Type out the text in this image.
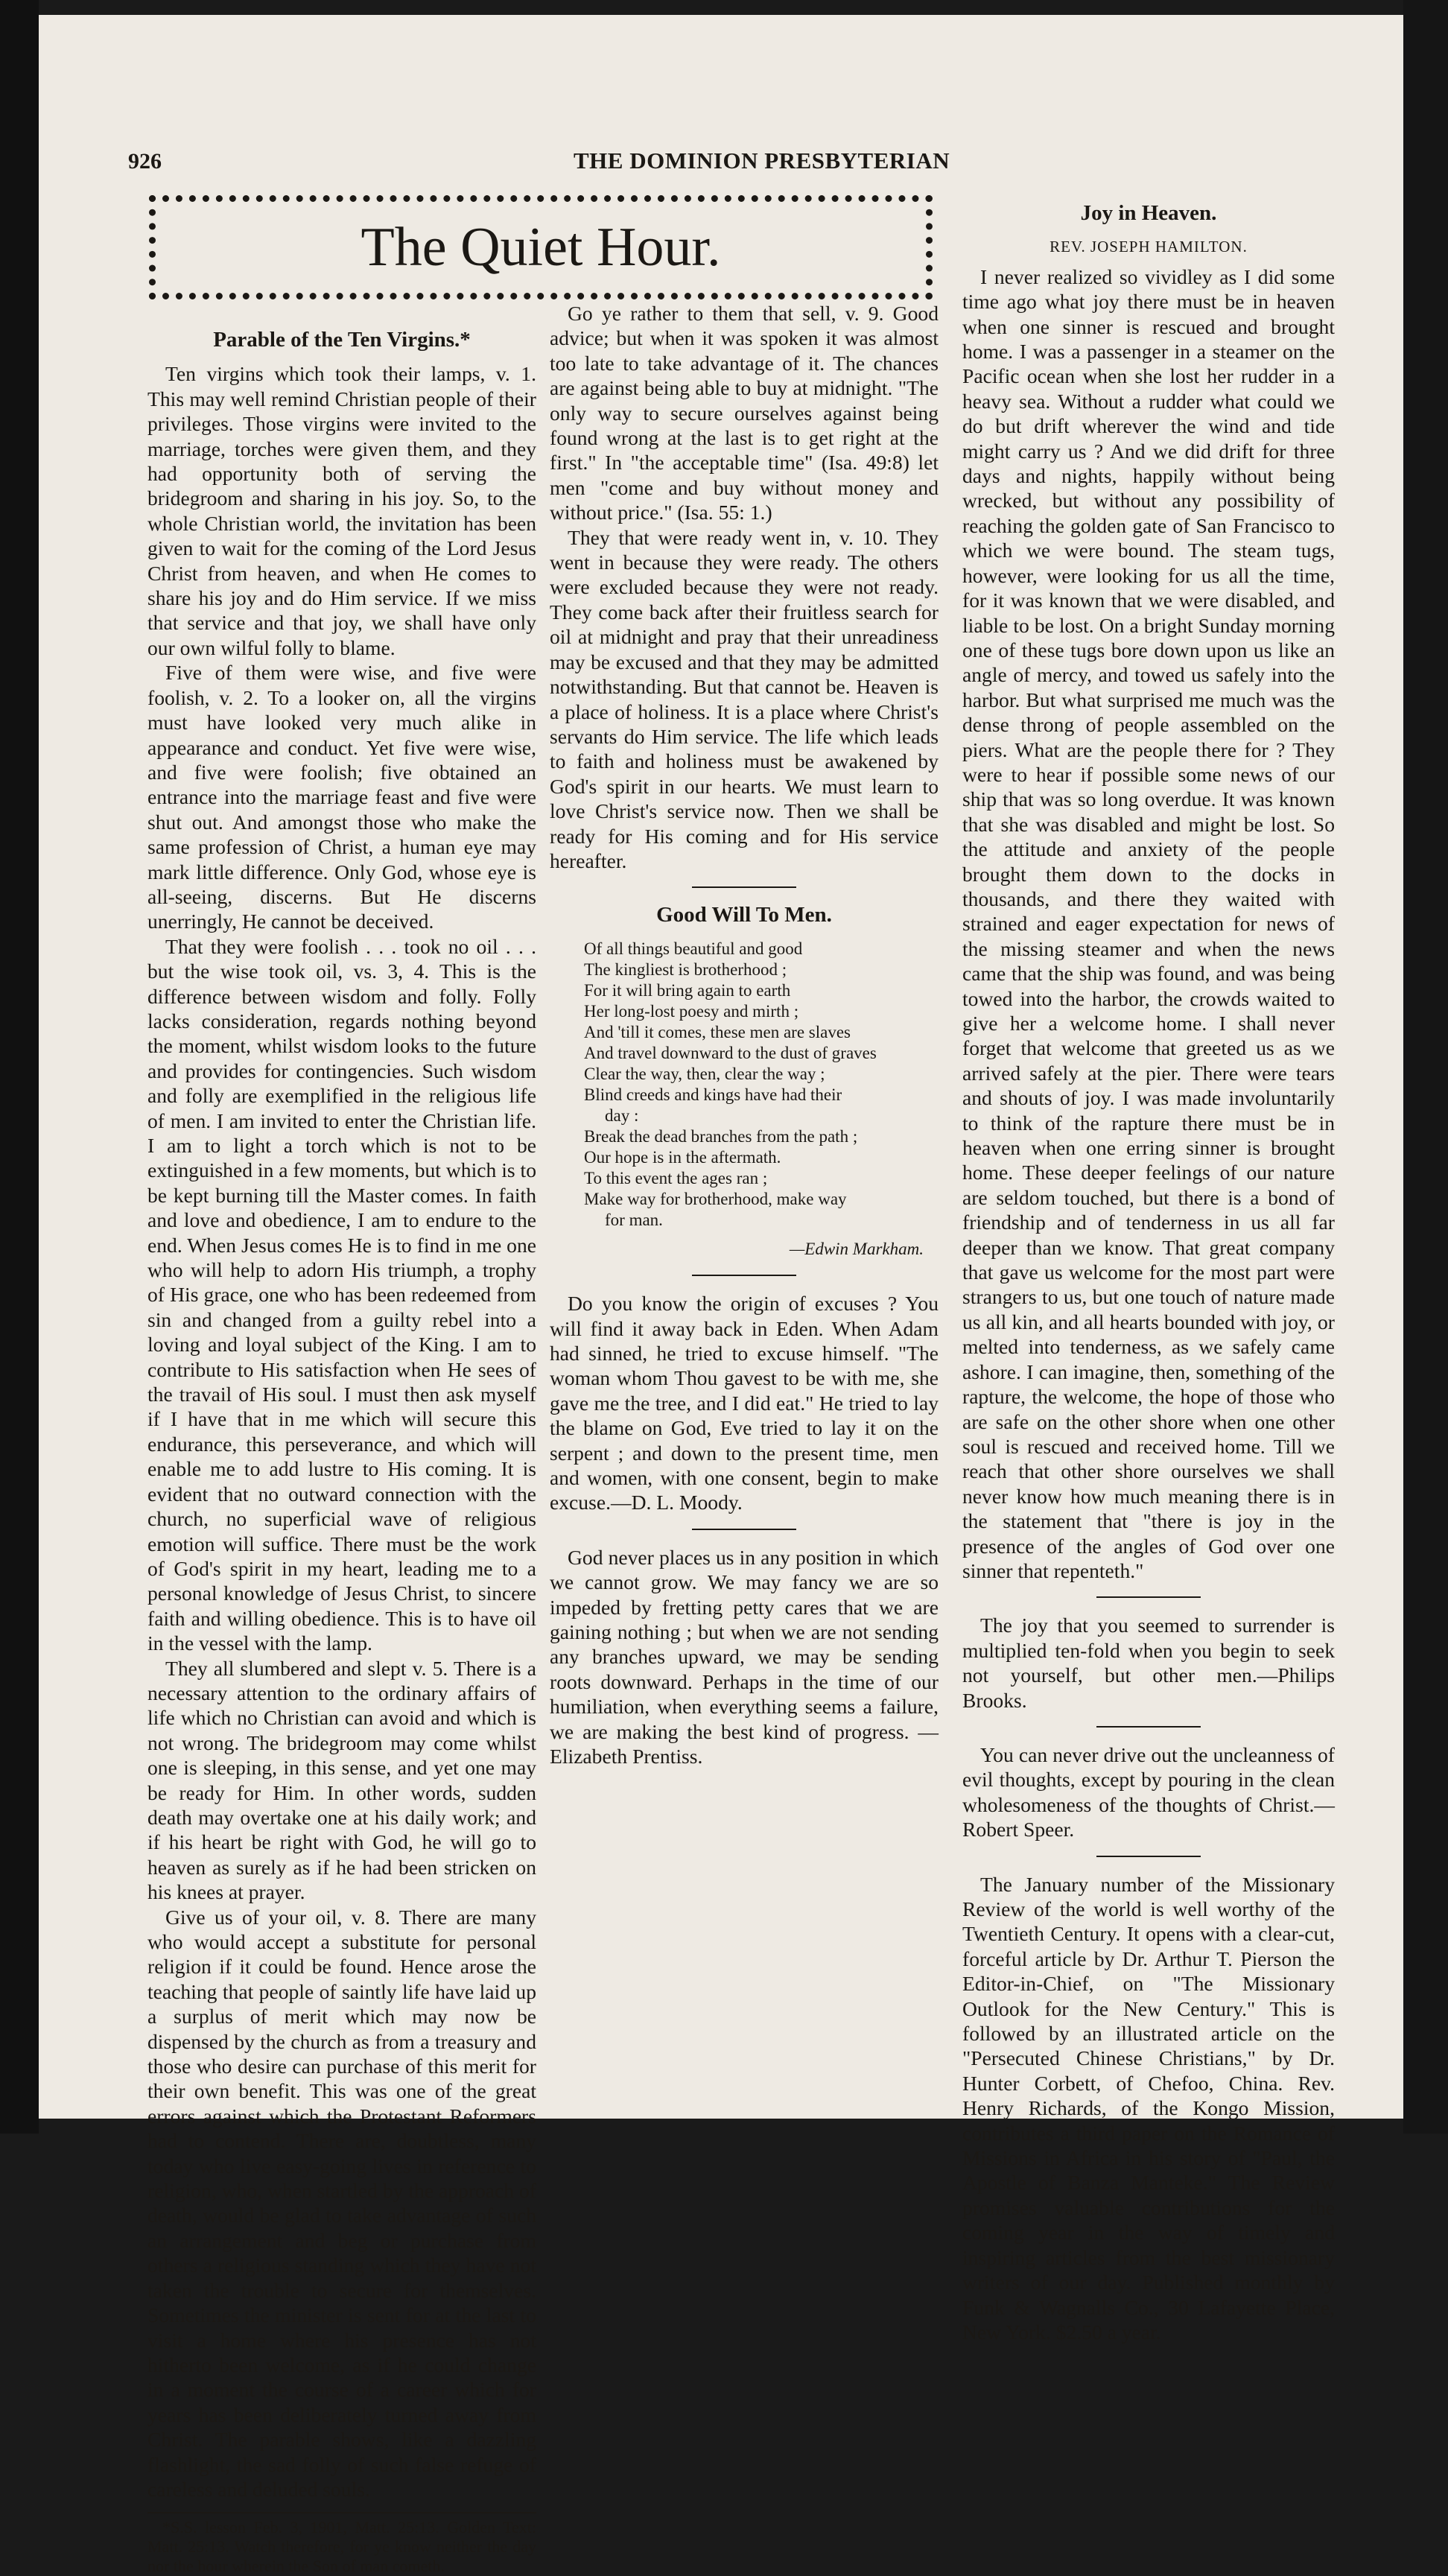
926	THE DOMINION PRESBYTERIAN
The Quiet Hour.
Parable of the Ten Virgins.*

Ten virgins which took their lamps, v. 1. This may well remind Christian people of their privileges. Those virgins were invited to the marriage, torches were given them, and they had opportunity both of serving the bridegroom and sharing in his joy. So, to the whole Christian world, the invitation has been given to wait for the coming of the Lord Jesus Christ from heaven, and when He comes to share his joy and do Him service. If we miss that service and that joy, we shall have only our own wilful folly to blame.

Five of them were wise, and five were foolish, v. 2. To a looker on, all the virgins must have looked very much alike in appearance and conduct. Yet five were wise, and five were foolish; five obtained an entrance into the marriage feast and five were shut out. And amongst those who make the same profession of Christ, a human eye may mark little difference. Only God, whose eye is all-seeing, discerns. But He discerns unerringly, He cannot be deceived.

That they were foolish . . . took no oil . . . but the wise took oil, vs. 3, 4. This is the difference between wisdom and folly. Folly lacks consideration, regards nothing beyond the moment, whilst wisdom looks to the future and provides for contingencies. Such wisdom and folly are exemplified in the religious life of men. I am invited to enter the Christian life. I am to light a torch which is not to be extinguished in a few moments, but which is to be kept burning till the Master comes. In faith and love and obedience, I am to endure to the end. When Jesus comes He is to find in me one who will help to adorn His triumph, a trophy of His grace, one who has been redeemed from sin and changed from a guilty rebel into a loving and loyal subject of the King. I am to contribute to His satisfaction when He sees of the travail of His soul. I must then ask myself if I have that in me which will secure this endurance, this perseverance, and which will enable me to add lustre to His coming. It is evident that no outward connection with the church, no superficial wave of religious emotion will suffice. There must be the work of God's spirit in my heart, leading me to a personal knowledge of Jesus Christ, to sincere faith and willing obedience. This is to have oil in the vessel with the lamp.

They all slumbered and slept v. 5. There is a necessary attention to the ordinary affairs of life which no Christian can avoid and which is not wrong. The bridegroom may come whilst one is sleeping, in this sense, and yet one may be ready for Him. In other words, sudden death may overtake one at his daily work; and if his heart be right with God, he will go to heaven as surely as if he had been stricken on his knees at prayer.

Give us of your oil, v. 8. There are many who would accept a substitute for personal religion if it could be found. Hence arose the teaching that people of saintly life have laid up a surplus of merit which may now be dispensed by the church as from a treasury and those who desire can purchase of this merit for their own benefit. This was one of the great errors against which the Protestant Reformers had to contend. There are, doubtless, many today who live easy-going lives in reference to religion, who, when startled by the approach of death, would be glad to take advantage of such an arrangement and beg or purchase from others a religious standing which they have not taken the trouble to secure for themselves. Sometimes the minister is sent for at the last to visit a home where his presence has not hitherto been welcome, as if he could change in a moment the course of a career which for years has been deliberately turned away from Christ. The parable shows, like a dazzling flashlight, the sad folly of such false refuge of careless and deluded souls.

*S.S. lesson Feb. 3, 1901, Matt. 25:13. Golden Text: Matt. 25:13. Watch therefore, for ye know neither the day nor the hour wherein the Son of man cometh.

Go ye rather to them that sell, v. 9. Good advice; but when it was spoken it was almost too late to take advantage of it. The chances are against being able to buy at midnight. "The only way to secure ourselves against being found wrong at the last is to get right at the first." In "the acceptable time" (Isa. 49:8) let men "come and buy without money and without price." (Isa. 55: 1.)

They that were ready went in, v. 10. They went in because they were ready. The others were excluded because they were not ready. They come back after their fruitless search for oil at midnight and pray that their unreadiness may be excused and that they may be admitted notwithstanding. But that cannot be. Heaven is a place of holiness. It is a place where Christ's servants do Him service. The life which leads to faith and holiness must be awakened by God's spirit in our hearts. We must learn to love Christ's service now. Then we shall be ready for His coming and for His service hereafter.

Good Will To Men.
Of all things beautiful and good
The kingliest is brotherhood ;
For it will bring again to earth
Her long-lost poesy and mirth ;
And 'till it comes, these men are slaves
And travel downward to the dust of graves
Clear the way, then, clear the way ;
Blind creeds and kings have had their
day :
Break the dead branches from the path ;
Our hope is in the aftermath.
To this event the ages ran ;
Make way for brotherhood, make way
for man.
—Edwin Markham.

Do you know the origin of excuses ? You will find it away back in Eden. When Adam had sinned, he tried to excuse himself. "The woman whom Thou gavest to be with me, she gave me the tree, and I did eat." He tried to lay the blame on God, Eve tried to lay it on the serpent ; and down to the present time, men and women, with one consent, begin to make excuse.—D. L. Moody.

God never places us in any position in which we cannot grow. We may fancy we are so impeded by fretting petty cares that we are gaining nothing ; but when we are not sending any branches upward, we may be sending roots downward. Perhaps in the time of our humiliation, when everything seems a failure, we are making the best kind of progress. —Elizabeth Prentiss.

Joy in Heaven.
REV. JOSEPH HAMILTON.

I never realized so vividley as I did some time ago what joy there must be in heaven when one sinner is rescued and brought home. I was a passenger in a steamer on the Pacific ocean when she lost her rudder in a heavy sea. Without a rudder what could we do but drift wherever the wind and tide might carry us ? And we did drift for three days and nights, happily without being wrecked, but without any possibility of reaching the golden gate of San Francisco to which we were bound. The steam tugs, however, were looking for us all the time, for it was known that we were disabled, and liable to be lost. On a bright Sunday morning one of these tugs bore down upon us like an angle of mercy, and towed us safely into the harbor. But what surprised me much was the dense throng of people assembled on the piers. What are the people there for ? They were to hear if possible some news of our ship that was so long overdue. It was known that she was disabled and might be lost. So the attitude and anxiety of the people brought them down to the docks in thousands, and there they waited with strained and eager expectation for news of the missing steamer and when the news came that the ship was found, and was being towed into the harbor, the crowds waited to give her a welcome home. I shall never forget that welcome that greeted us as we arrived safely at the pier. There were tears and shouts of joy. I was made involuntarily to think of the rapture there must be in heaven when one erring sinner is brought home. These deeper feelings of our nature are seldom touched, but there is a bond of friendship and of tenderness in us all far deeper than we know. That great company that gave us welcome for the most part were strangers to us, but one touch of nature made us all kin, and all hearts bounded with joy, or melted into tenderness, as we safely came ashore. I can imagine, then, something of the rapture, the welcome, the hope of those who are safe on the other shore when one other soul is rescued and received home. Till we reach that other shore ourselves we shall never know how much meaning there is in the statement that "there is joy in the presence of the angles of God over one sinner that repenteth."

The joy that you seemed to surrender is multiplied ten-fold when you begin to seek not yourself, but other men.—Philips Brooks.

You can never drive out the uncleanness of evil thoughts, except by pouring in the clean wholesomeness of the thoughts of Christ.—Robert Speer.

The January number of the Missionary Review of the world is well worthy of the Twentieth Century. It opens with a clear-cut, forceful article by Dr. Arthur T. Pierson the Editor-in-Chief, on "The Missionary Outlook for the New Century." This is followed by an illustrated article on the "Persecuted Chinese Christians," by Dr. Hunter Corbett, of Chefoo, China. Rev. Henry Richards, of the Kongo Mission, contributes a third paper on the Romance of Missions in Africa in his story of "Paul, the Apostle of Banza Manteke." The Review promises valuable contributions for the coming year in the way of timely and inspiring articles from the best missionary writers of our day. Published monthly by Funk & Wagnalls Co., 30 Lafayette Place, New York. $2.50 a year.
